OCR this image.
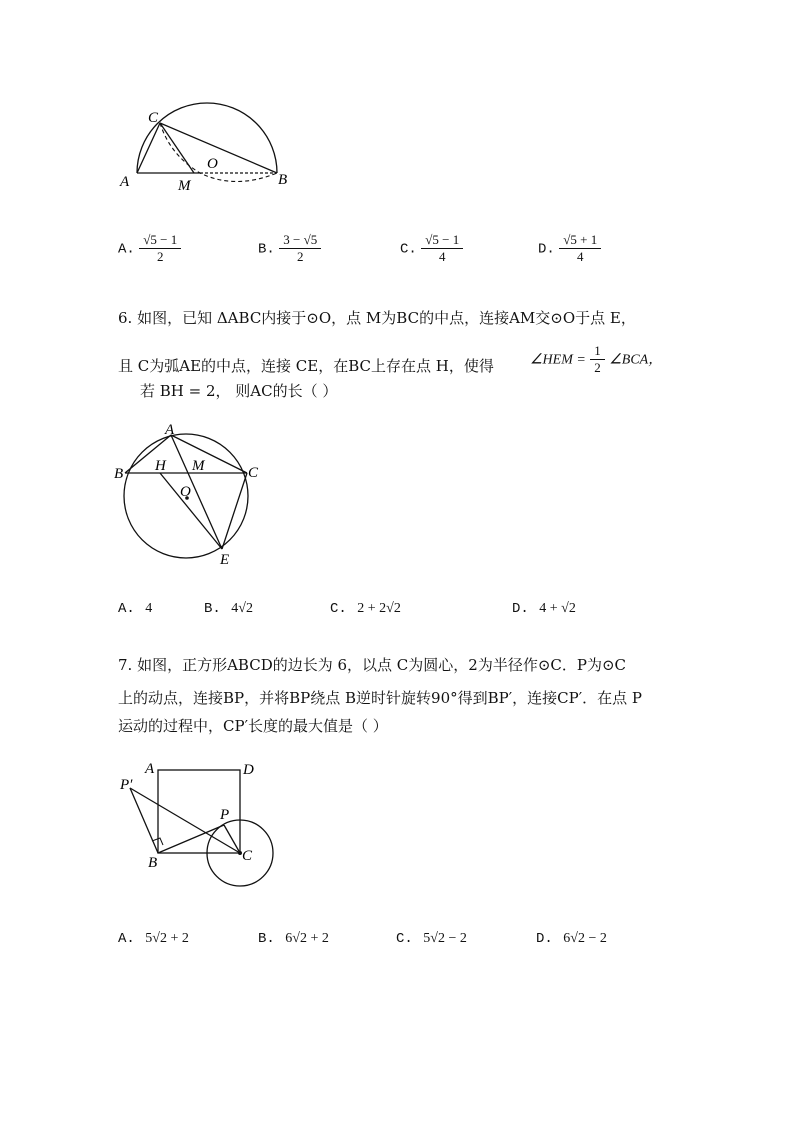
C
A	M
O
B
A. $\frac{√5 - 1}{2}$	B. $\frac{3 - √5}{2}$	C. $\frac{√5 - 1}{4}$	D. $\frac{√5 + 1}{4}$
6. 如图，已知 ΔABC内接于⊙O，点 M为BC的中点，连接AM交⊙O于点 E，
且 C为弧AE的中点，连接 CE，在BC上存在点 H，使得	∠HEM = $\frac{1}{2}$ ∠BCA，
若 BH = 2， 则AC的长（ ）
A
B H M	C
O
E
A. 4	B. 4√2	C. 2 + 2√2	D. 4 + √2
7. 如图，正方形ABCD的边长为 6，以点 C为圆心，2为半径作⊙C．P为⊙C
上的动点，连接BP，并将BP绕点 B逆时针旋转90°得到BP′，连接CP′．在点 P
运动的过程中，CP′长度的最大值是（ ）
A	D
P′
P
B	C
A. 5√2 + 2	B. 6√2 + 2	C. 5√2 − 2	D. 6√2 − 2
